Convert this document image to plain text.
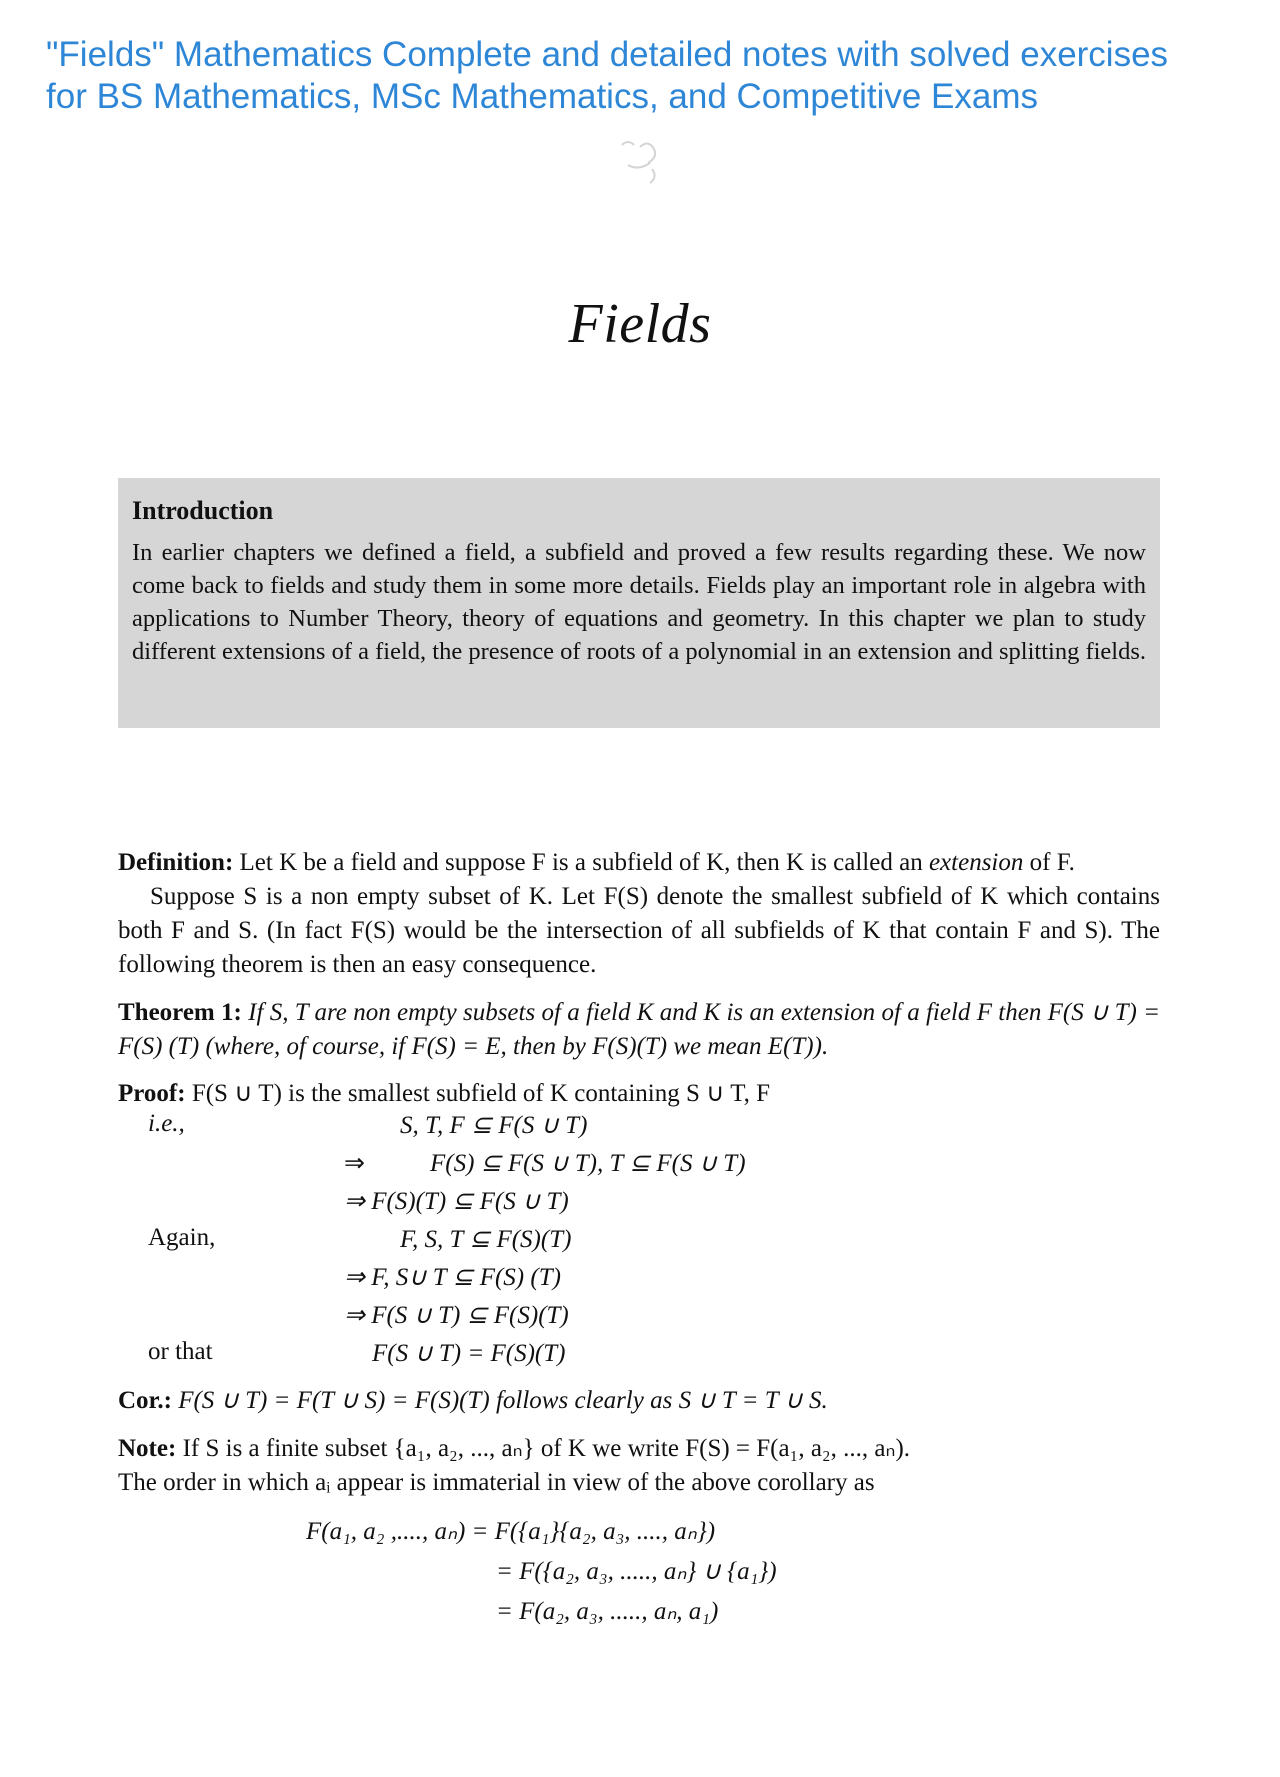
"Fields" Mathematics Complete and detailed notes with solved exercises
for BS Mathematics, MSc Mathematics, and Competitive Exams
Fields
Introduction

In earlier chapters we defined a field, a subfield and proved a few results regarding these. We now come back to fields and study them in some more details. Fields play an important role in algebra with applications to Number Theory, theory of equations and geometry. In this chapter we plan to study different extensions of a field, the presence of roots of a polynomial in an extension and splitting fields.

Definition: Let K be a field and suppose F is a subfield of K, then K is called an extension of F.
Suppose S is a non empty subset of K. Let F(S) denote the smallest subfield of K which contains both F and S. (In fact F(S) would be the intersection of all subfields of K that contain F and S). The following theorem is then an easy consequence.
Theorem 1: If S, T are non empty subsets of a field K and K is an extension of a field F then F(S ∪ T) = F(S) (T) (where, of course, if F(S) = E, then by F(S)(T) we mean E(T)).
Proof: F(S ∪ T) is the smallest subfield of K containing S ∪ T, F
i.e.,	S, T, F ⊆ F(S ∪ T)
⇒	F(S) ⊆ F(S ∪ T), T ⊆ F(S ∪ T)
⇒ F(S)(T) ⊆ F(S ∪ T)
Again,	F, S, T ⊆ F(S)(T)
⇒ F, S∪ T ⊆ F(S) (T)
⇒ F(S ∪ T) ⊆ F(S)(T)
or that	F(S ∪ T) = F(S)(T)
Cor.: F(S ∪ T) = F(T ∪ S) = F(S)(T) follows clearly as S ∪ T = T ∪ S.
Note: If S is a finite subset {a₁, a₂, ..., aₙ} of K we write F(S) = F(a₁, a₂, ..., aₙ).
The order in which aᵢ appear is immaterial in view of the above corollary as
F(a₁, a₂ ,...., aₙ) = F({a₁}{a₂, a₃, ...., aₙ})
= F({a₂, a₃, ....., aₙ} ∪ {a₁})
= F(a₂, a₃, ....., aₙ, a₁)
